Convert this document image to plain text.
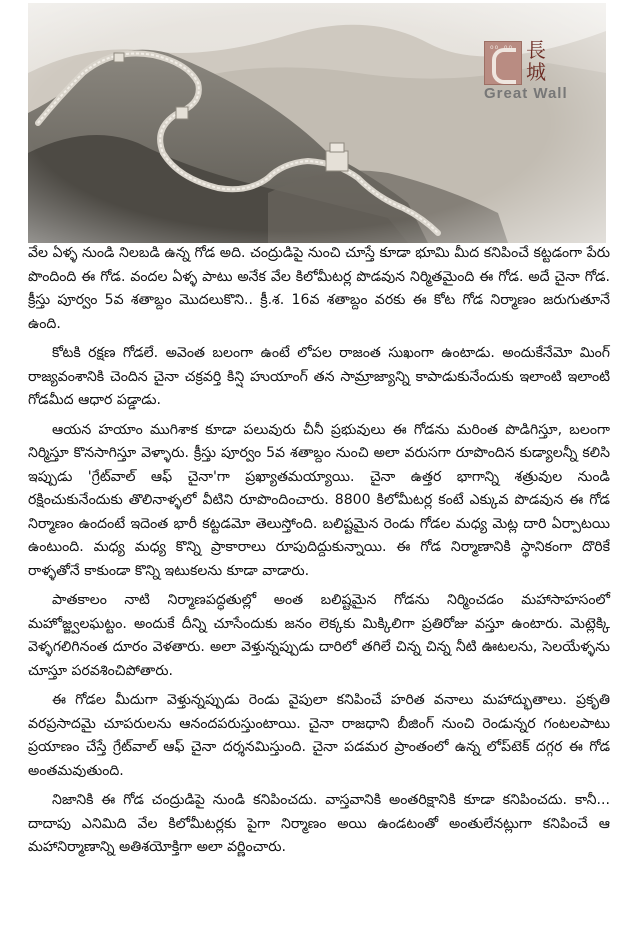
oo oo 長城
Great Wall

వేల ఏళ్ళ నుండి నిలబడి ఉన్న గోడ అది. చంద్రుడిపై నుంచి చూస్తే కూడా భూమి మీద కనిపించే కట్టడంగా పేరు పొందింది ఈ గోడ. వందల ఏళ్ళ పాటు అనేక వేల కిలోమీటర్ల పొడవున నిర్మితమైంది ఈ గోడ. అదే చైనా గోడ. క్రీస్తు పూర్వం 5వ శతాబ్దం మొదలుకొని.. క్రీ.శ. 16వ శతాబ్దం వరకు ఈ కోట గోడ నిర్మాణం జరుగుతూనే ఉంది.

కోటకి రక్షణ గోడలే. అవెంత బలంగా ఉంటే లోపల రాజంత సుఖంగా ఉంటాడు. అందుకేనేమో మింగ్ రాజ్యవంశానికి చెందిన చైనా చక్రవర్తి కిన్షి హుయాంగ్ తన సామ్రాజ్యాన్ని కాపాడుకునేందుకు ఇలాంటి ఇలాంటి గోడమీద ఆధార పడ్డాడు.

ఆయన హయాం ముగిశాక కూడా పలువురు చీనీ ప్రభువులు ఈ గోడను మరింత పొడిగిస్తూ, బలంగా నిర్మిస్తూ కొనసాగిస్తూ వెళ్ళారు. క్రీస్తు పూర్వం 5వ శతాబ్దం నుంచి అలా వరుసగా రూపొందిన కుడ్యాలన్నీ కలిసి ఇప్పుడు 'గ్రేట్‌వాల్ ఆఫ్ చైనా'గా ప్రఖ్యాతమయ్యాయి. చైనా ఉత్తర భాగాన్ని శత్రువుల నుండి రక్షించుకునేందుకు తొలినాళ్ళలో వీటిని రూపొందించారు. 8800 కిలోమీటర్ల కంటే ఎక్కువ పొడవున ఈ గోడ నిర్మాణం ఉందంటే ఇదెంత భారీ కట్టడమో తెలుస్తోంది. బలిష్టమైన రెండు గోడల మధ్య మెట్ల దారి ఏర్పాటయి ఉంటుంది. మధ్య మధ్య కొన్ని ప్రాకారాలు రూపుదిద్దుకున్నాయి. ఈ గోడ నిర్మాణానికి స్థానికంగా దొరికే రాళ్ళతోనే కాకుండా కొన్ని ఇటుకలను కూడా వాడారు.

పాతకాలం నాటి నిర్మాణపద్ధతుల్లో అంత బలిష్టమైన గోడను నిర్మించడం మహాసాహసంలో మహోజ్జ్వలఘట్టం. అందుకే దీన్ని చూసేందుకు జనం లెక్కకు మిక్కిలిగా ప్రతిరోజు వస్తూ ఉంటారు. మెట్లెక్కి వెళ్ళగలిగినంత దూరం వెళతారు. అలా వెళ్తున్నప్పుడు దారిలో తగిలే చిన్న చిన్న నీటి ఊటలను, సెలయేళ్ళను చూస్తూ పరవశించిపోతారు.

ఈ గోడల మీదుగా వెళ్తున్నప్పుడు రెండు వైపులా కనిపించే హరిత వనాలు మహాద్భుతాలు. ప్రకృతి వరప్రసాదమై చూపరులను ఆనందపరుస్తుంటాయి. చైనా రాజధాని బీజింగ్ నుంచి రెండున్నర గంటలపాటు ప్రయాణం చేస్తే గ్రేట్‌వాల్ ఆఫ్ చైనా దర్శనమిస్తుంది. చైనా పడమర ప్రాంతంలో ఉన్న లోప్‌టెక్ దగ్గర ఈ గోడ అంతమవుతుంది.

నిజానికి ఈ గోడ చంద్రుడిపై నుండి కనిపించదు. వాస్తవానికి అంతరిక్షానికి కూడా కనిపించదు. కానీ... దాదాపు ఎనిమిది వేల కిలోమీటర్లకు పైగా నిర్మాణం అయి ఉండటంతో అంతులేనట్లుగా కనిపించే ఆ మహానిర్మాణాన్ని అతిశయోక్తిగా అలా వర్ణించారు.
